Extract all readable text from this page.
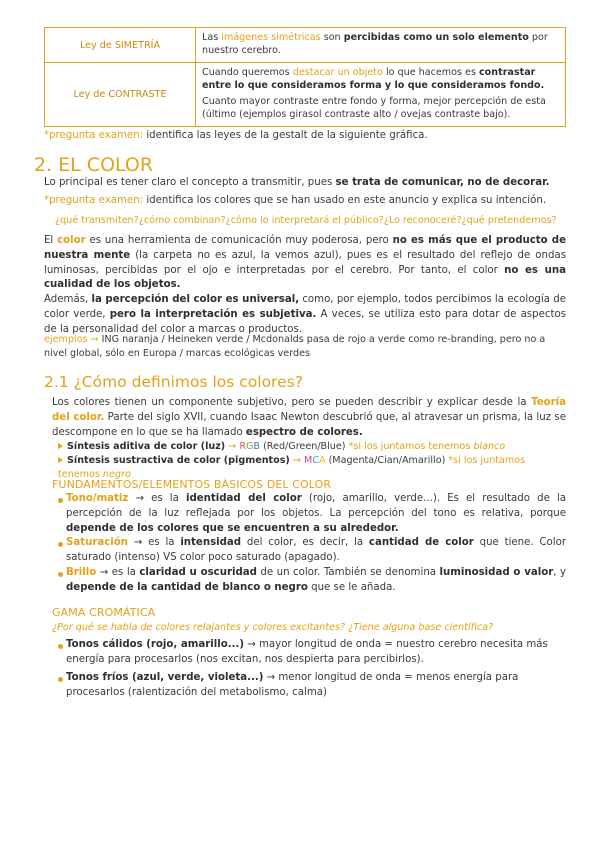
Ley de SIMETRÍA	Las imágenes simétricas son percibidas como un solo elemento por nuestro cerebro.

Ley de CONTRASTE	Cuando queremos destacar un objeto lo que hacemos es contrastar entre lo que consideramos forma y lo que consideramos fondo.

Cuanto mayor contraste entre fondo y forma, mejor percepción de esta (último (ejemplos girasol contraste alto / ovejas contraste bajo).

*pregunta examen: identifica las leyes de la gestalt de la siguiente gráfica.
2. EL COLOR
Lo principal es tener claro el concepto a transmitir, pues se trata de comunicar, no de decorar.
*pregunta examen: identifica los colores que se han usado en este anuncio y explica su intención.
¿qué transmiten?¿cómo combinan?¿cómo lo interpretará el público?¿Lo reconoceré?¿qué pretendemos?
El color es una herramienta de comunicación muy poderosa, pero no es más que el producto de nuestra mente (la carpeta no es azul, la vemos azul), pues es el resultado del reflejo de ondas luminosas, percibidas por el ojo e interpretadas por el cerebro. Por tanto, el color no es una cualidad de los objetos.
Además, la percepción del color es universal, como, por ejemplo, todos percibimos la ecología de color verde, pero la interpretación es subjetiva. A veces, se utiliza esto para dotar de aspectos de la personalidad del color a marcas o productos.
ejemplos → ING naranja / Heineken verde / Mcdonalds pasa de rojo a verde como re-branding, pero no a nivel global, sólo en Europa / marcas ecológicas verdes
2.1 ¿Cómo definimos los colores?
Los colores tienen un componente subjetivo, pero se pueden describir y explicar desde la Teoría del color. Parte del siglo XVII, cuando Isaac Newton descubrió que, al atravesar un prisma, la luz se descompone en lo que se ha llamado espectro de colores.
Síntesis aditiva de color (luz) → RGB (Red/Green/Blue) *si los juntamos tenemos blanco
Síntesis sustractiva de color (pigmentos) → MCA (Magenta/Cian/Amarillo) *si los juntamos tenemos negro
FUNDAMENTOS/ELEMENTOS BÁSICOS DEL COLOR
Tono/matiz → es la identidad del color (rojo, amarillo, verde...). Es el resultado de la percepción de la luz reflejada por los objetos. La percepción del tono es relativa, porque depende de los colores que se encuentren a su alrededor.
Saturación → es la intensidad del color, es decir, la cantidad de color que tiene. Color saturado (intenso) VS color poco saturado (apagado).
Brillo → es la claridad u oscuridad de un color. También se denomina luminosidad o valor, y depende de la cantidad de blanco o negro que se le añada.
GAMA CROMÁTICA
¿Por qué se habla de colores relajantes y colores excitantes? ¿Tiene alguna base científica?
Tonos cálidos (rojo, amarillo...) → mayor longitud de onda = nuestro cerebro necesita más energía para procesarlos (nos excitan, nos despierta para percibirlos).
Tonos fríos (azul, verde, violeta...) → menor longitud de onda = menos energía para procesarlos (ralentización del metabolismo, calma)
